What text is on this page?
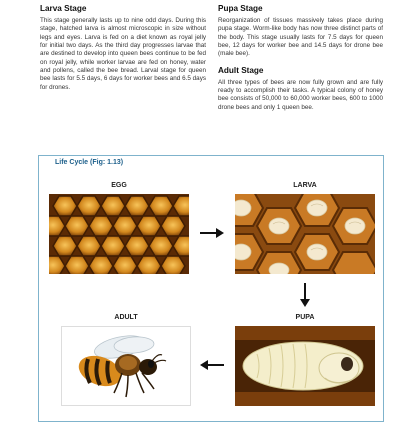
Larva Stage

This stage generally lasts up to nine odd days. During this stage, hatched larva is almost microscopic in size without legs and eyes. Larva is fed on a diet known as royal jelly for initial two days. As the third day progresses larvae that are destined to develop into queen bees continue to be fed on royal jelly, while worker larvae are fed on honey, water and pollens, called the bee bread. Larval stage for queen bee lasts for 5.5 days, 6 days for worker bees and 6.5 days for drones.

Pupa Stage

Reorganization of tissues massively takes place during pupa stage. Worm-like body has now three distinct parts of the body. This stage usually lasts for 7.5 days for queen bee, 12 days for worker bee and 14.5 days for drone bee (male bee).

Adult Stage

All three types of bees are now fully grown and are fully ready to accomplish their tasks. A typical colony of honey bee consists of 50,000 to 60,000 worker bees, 600 to 1000 drone bees and only 1 queen bee.

Life Cycle (Fig: 1.13)
EGG	LARVA
PUPA
ADULT
